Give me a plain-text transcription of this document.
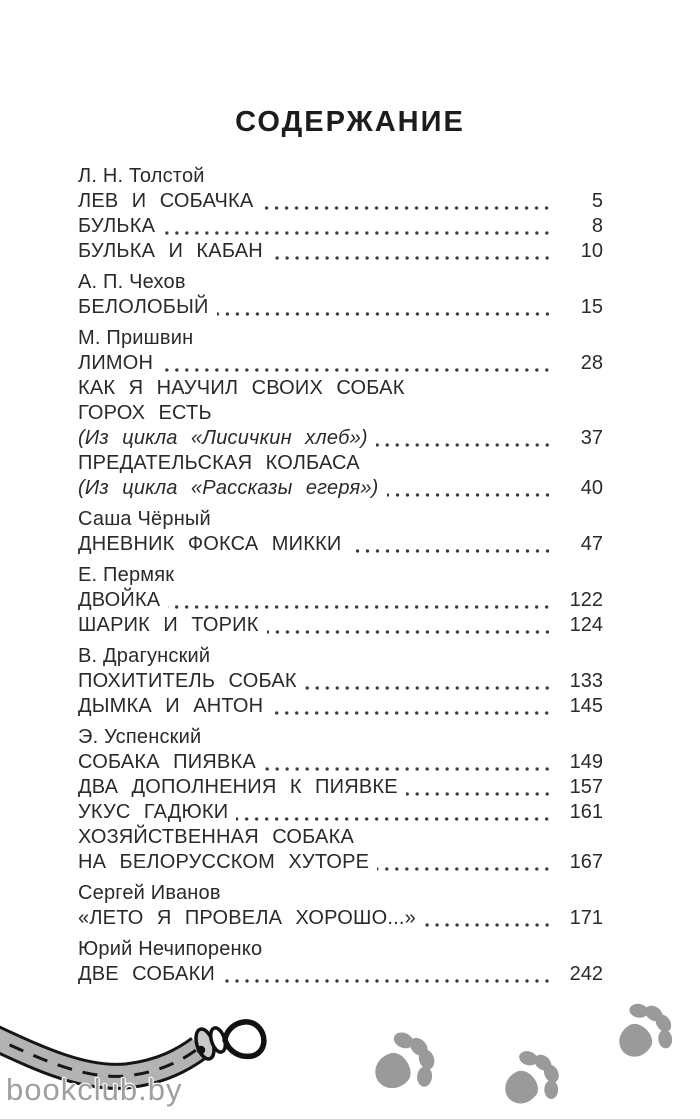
СОДЕРЖАНИЕ
Л. Н. Толстой
ЛЕВ И СОБАЧКА	5
БУЛЬКА	8
БУЛЬКА И КАБАН	10
А. П. Чехов
БЕЛОЛОБЫЙ	15
М. Пришвин
ЛИМОН	28
КАК Я НАУЧИЛ СВОИХ СОБАК
ГОРОХ ЕСТЬ
(Из цикла «Лисичкин хлеб»)	37
ПРЕДАТЕЛЬСКАЯ КОЛБАСА
(Из цикла «Рассказы егеря»)	40
Саша Чёрный
ДНЕВНИК ФОКСА МИККИ	47
Е. Пермяк
ДВОЙКА	122
ШАРИК И ТОРИК	124
В. Драгунский
ПОХИТИТЕЛЬ СОБАК	133
ДЫМКА И АНТОН	145
Э. Успенский
СОБАКА ПИЯВКА	149
ДВА ДОПОЛНЕНИЯ К ПИЯВКЕ	157
УКУС ГАДЮКИ	161
ХОЗЯЙСТВЕННАЯ СОБАКА
НА БЕЛОРУССКОМ ХУТОРЕ	167
Сергей Иванов
«ЛЕТО Я ПРОВЕЛА ХОРОШО...»	171
Юрий Нечипоренко
ДВЕ СОБАКИ	242
bookclub.by
